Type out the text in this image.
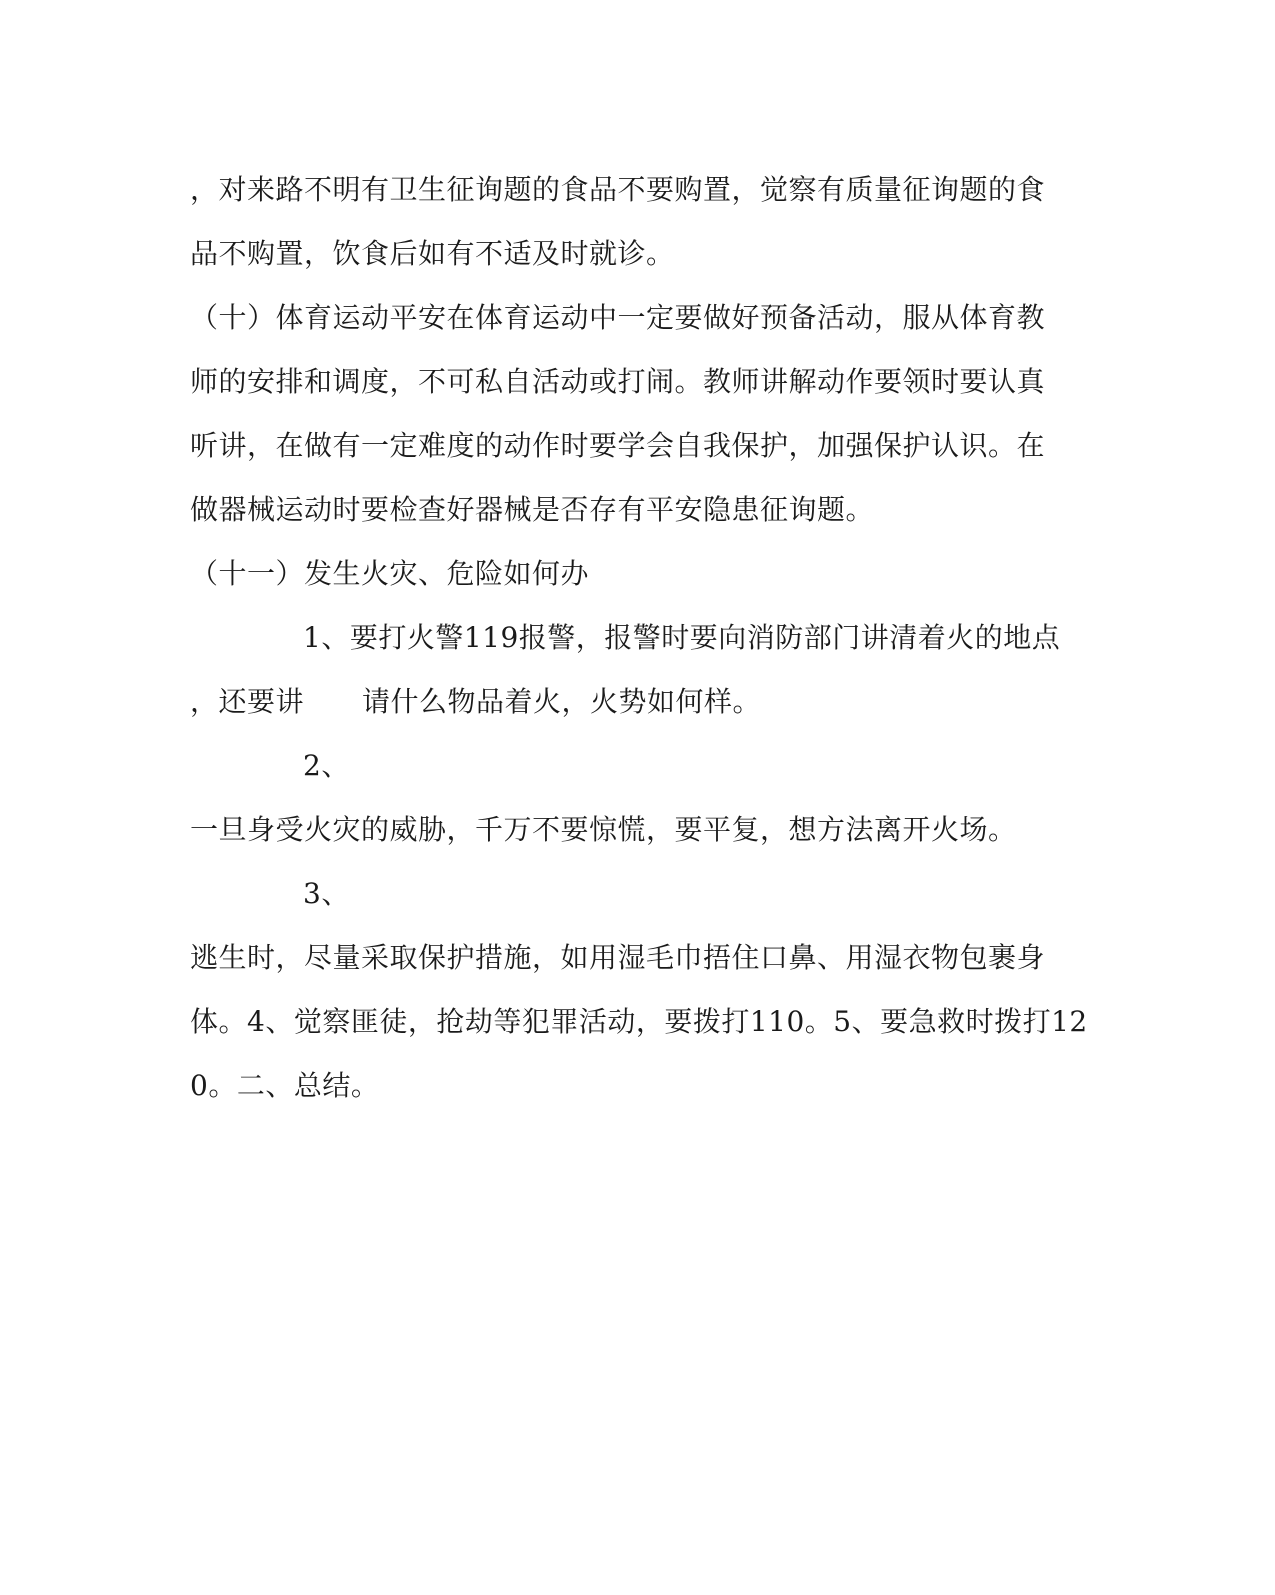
，对来路不明有卫生征询题的食品不要购置，觉察有质量征询题的食
品不购置，饮食后如有不适及时就诊。
（十）体育运动平安在体育运动中一定要做好预备活动，服从体育教
师的安排和调度，不可私自活动或打闹。教师讲解动作要领时要认真
听讲，在做有一定难度的动作时要学会自我保护，加强保护认识。在
做器械运动时要检查好器械是否存有平安隐患征询题。
（十一）发生火灾、危险如何办
1、要打火警119报警，报警时要向消防部门讲清着火的地点
，还要讲 请什么物品着火，火势如何样。
2、
一旦身受火灾的威胁，千万不要惊慌，要平复，想方法离开火场。
3、
逃生时，尽量采取保护措施，如用湿毛巾捂住口鼻、用湿衣物包裹身
体。4、觉察匪徒，抢劫等犯罪活动，要拨打110。5、要急救时拨打12
0。二、总结。
